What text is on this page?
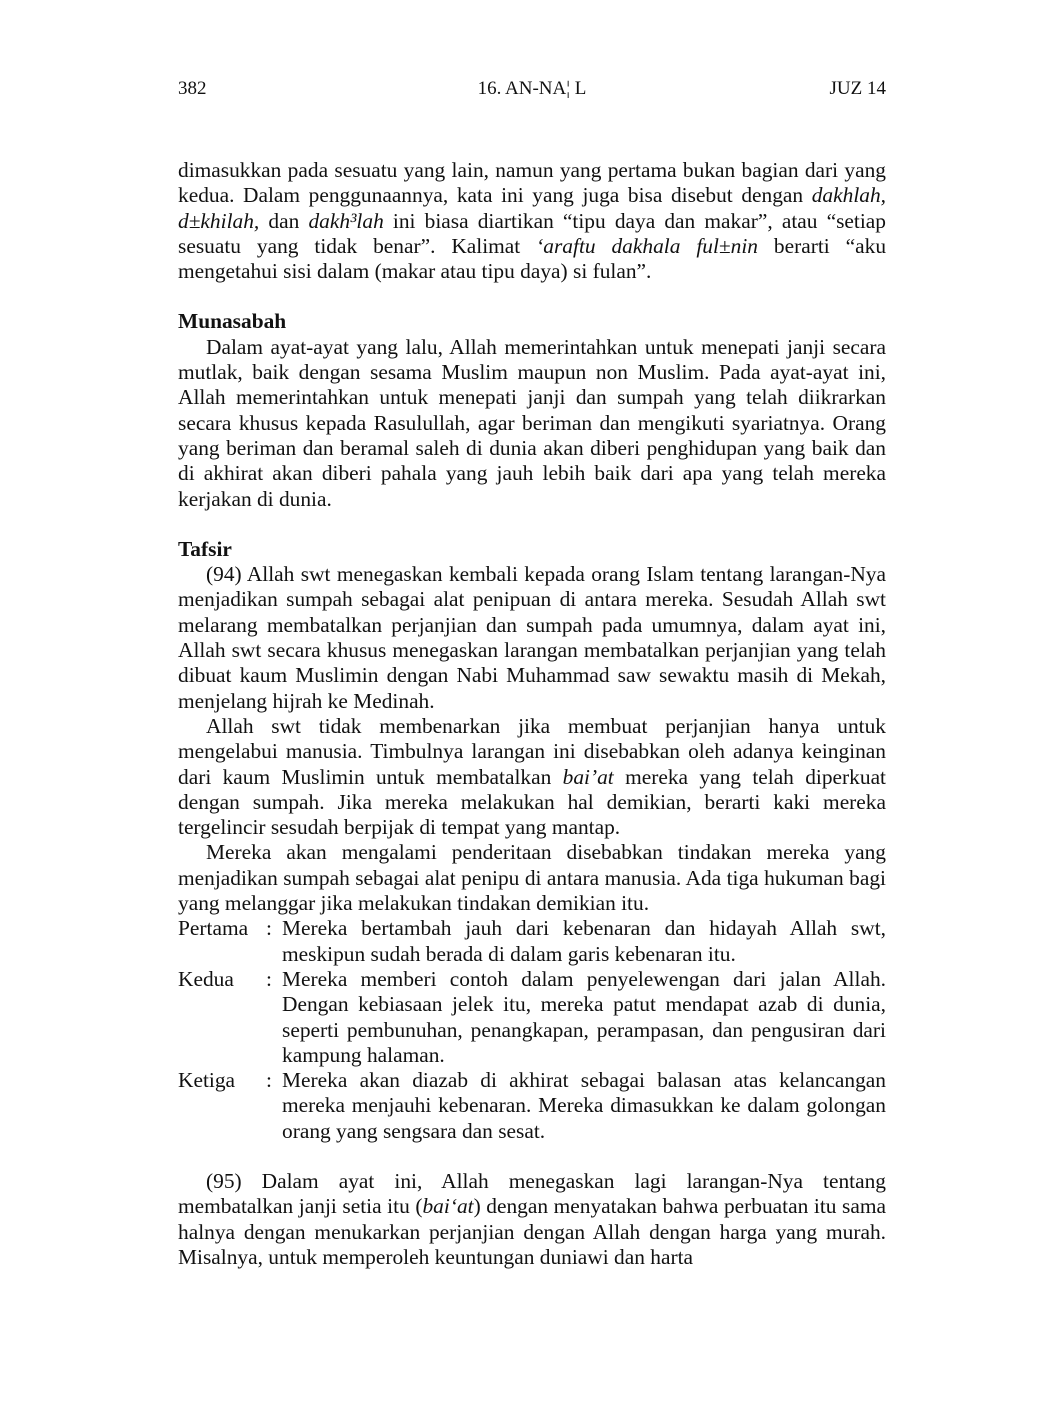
382	16. AN-NA¦ L	JUZ 14

dimasukkan pada sesuatu yang lain, namun yang pertama bukan bagian dari yang kedua. Dalam penggunaannya, kata ini yang juga bisa disebut dengan dakhlah, d±khilah, dan dakh³lah ini biasa diartikan “tipu daya dan makar”, atau “setiap sesuatu yang tidak benar”. Kalimat ‘araftu dakhala ful±nin berarti “aku mengetahui sisi dalam (makar atau tipu daya) si fulan”.

Munasabah

Dalam ayat-ayat yang lalu, Allah memerintahkan untuk menepati janji secara mutlak, baik dengan sesama Muslim maupun non Muslim. Pada ayat-ayat ini, Allah memerintahkan untuk menepati janji dan sumpah yang telah diikrarkan secara khusus kepada Rasulullah, agar beriman dan mengikuti syariatnya. Orang yang beriman dan beramal saleh di dunia akan diberi penghidupan yang baik dan di akhirat akan diberi pahala yang jauh lebih baik dari apa yang telah mereka kerjakan di dunia.

Tafsir

(94) Allah swt menegaskan kembali kepada orang Islam tentang larangan-Nya menjadikan sumpah sebagai alat penipuan di antara mereka. Sesudah Allah swt melarang membatalkan perjanjian dan sumpah pada umumnya, dalam ayat ini, Allah swt secara khusus menegaskan larangan membatalkan perjanjian yang telah dibuat kaum Muslimin dengan Nabi Muhammad saw sewaktu masih di Mekah, menjelang hijrah ke Medinah.

Allah swt tidak membenarkan jika membuat perjanjian hanya untuk mengelabui manusia. Timbulnya larangan ini disebabkan oleh adanya keinginan dari kaum Muslimin untuk membatalkan bai’at mereka yang telah diperkuat dengan sumpah. Jika mereka melakukan hal demikian, berarti kaki mereka tergelincir sesudah berpijak di tempat yang mantap.

Mereka akan mengalami penderitaan disebabkan tindakan mereka yang menjadikan sumpah sebagai alat penipu di antara manusia. Ada tiga hukuman bagi yang melanggar jika melakukan tindakan demikian itu.

Pertama : Mereka bertambah jauh dari kebenaran dan hidayah Allah swt, meskipun sudah berada di dalam garis kebenaran itu.
Kedua	: Mereka memberi contoh dalam penyelewengan dari jalan Allah. Dengan kebiasaan jelek itu, mereka patut mendapat azab di dunia, seperti pembunuhan, penangkapan, perampasan, dan pengusiran dari kampung halaman.
Ketiga	: Mereka akan diazab di akhirat sebagai balasan atas kelancangan mereka menjauhi kebenaran. Mereka dimasukkan ke dalam golongan orang yang sengsara dan sesat.

(95) Dalam ayat ini, Allah menegaskan lagi larangan-Nya tentang membatalkan janji setia itu (bai‘at) dengan menyatakan bahwa perbuatan itu sama halnya dengan menukarkan perjanjian dengan Allah dengan harga yang murah. Misalnya, untuk memperoleh keuntungan duniawi dan harta
